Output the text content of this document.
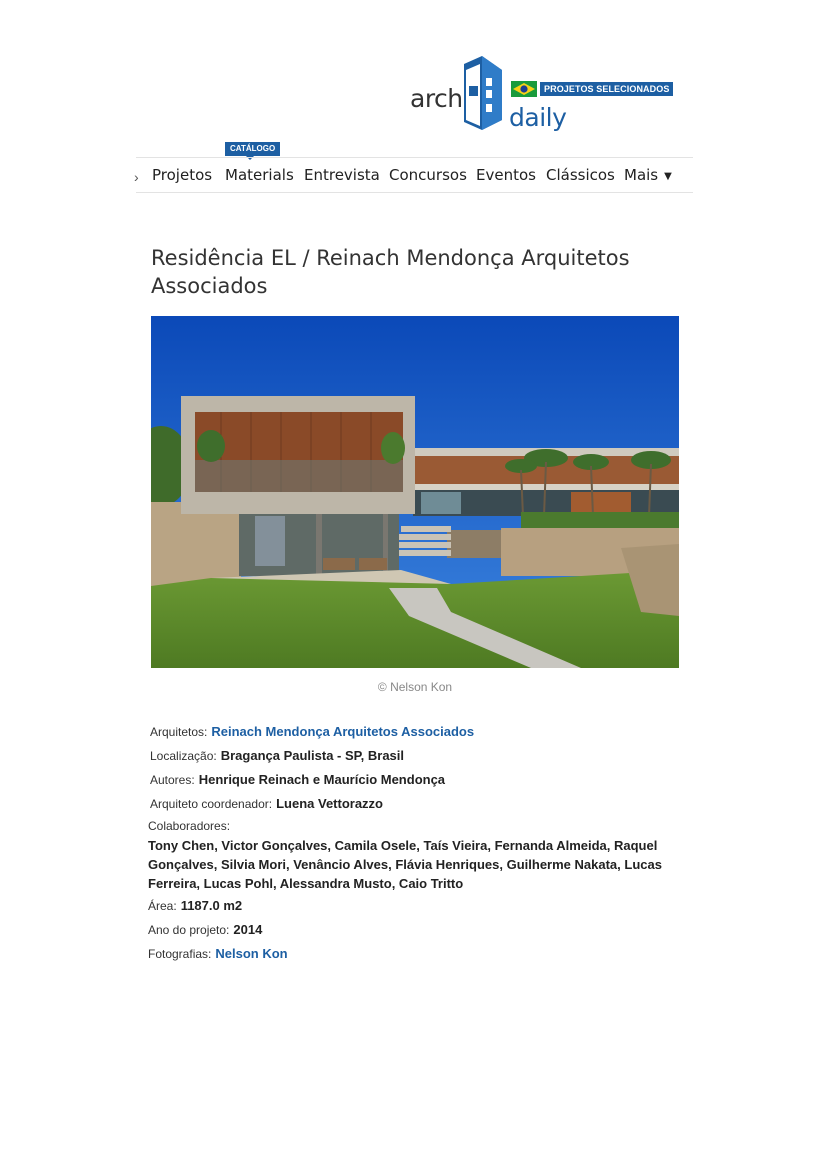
arch
daily
PROJETOS SELECIONADOS
CATÁLOGO
› Projetos Materials Entrevista Concursos Eventos Clássicos Mais ▼
Residência EL / Reinach Mendonça Arquitetos Associados
© Nelson Kon
Arquitetos: Reinach Mendonça Arquitetos Associados
Localização: Bragança Paulista - SP, Brasil
Autores: Henrique Reinach e Maurício Mendonça
Arquiteto coordenador: Luena Vettorazzo
Colaboradores:
Tony Chen, Victor Gonçalves, Camila Osele, Taís Vieira, Fernanda Almeida, Raquel Gonçalves, Silvia Mori, Venâncio Alves, Flávia Henriques, Guilherme Nakata, Lucas Ferreira, Lucas Pohl, Alessandra Musto, Caio Tritto
Área: 1187.0 m2
Ano do projeto: 2014
Fotografias: Nelson Kon
